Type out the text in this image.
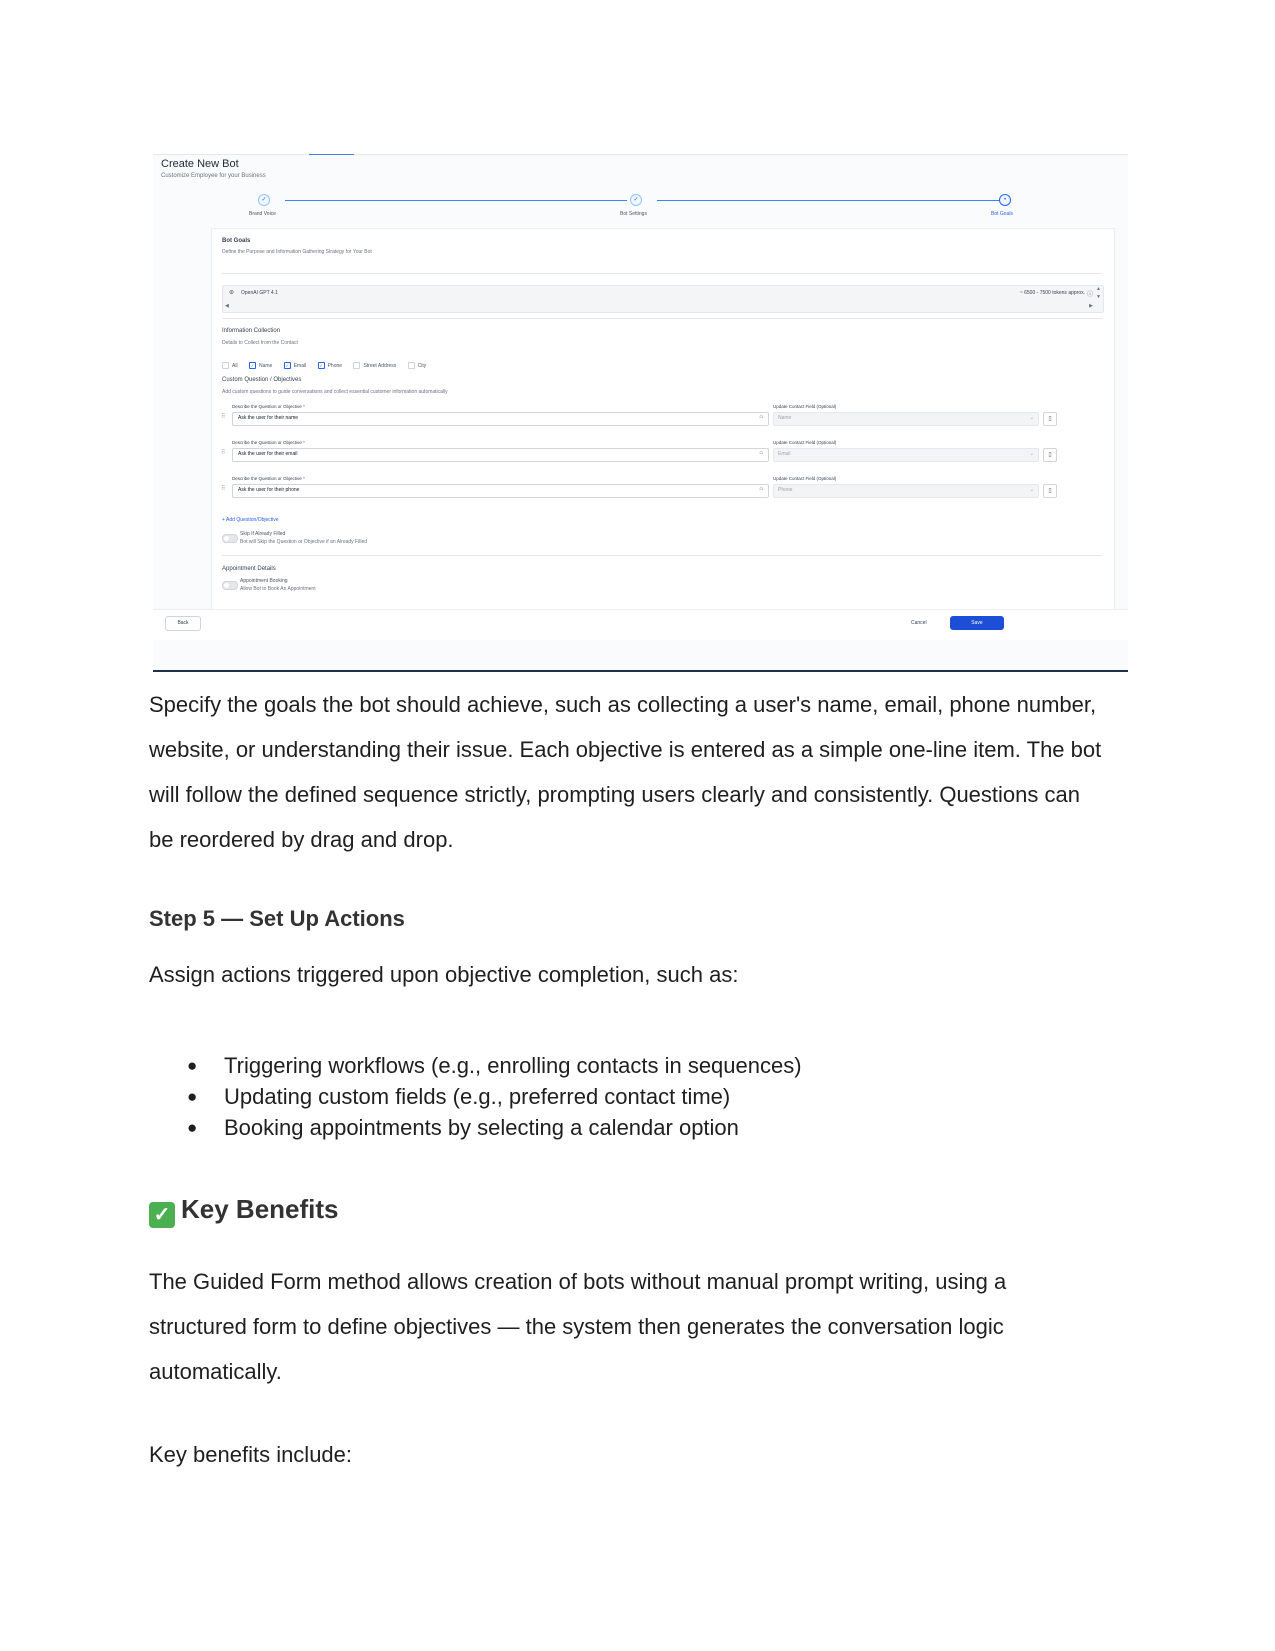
Create New Bot
Customize Employee for your Business
✓	✓	•
Brand Voice	Bot Settings	Bot Goals
Bot Goals
Define the Purpose and Information Gathering Strategy for Your Bot
⊛ OpenAI GPT 4.1	~ 6500 - 7500 tokens approx. ⓘ
▲
▼
◀	▶
Information Collection
Details to Collect from the Contact
All	✓ Name	✓ Email	✓ Phone	Street Address	City
Custom Question / Objectives
Add custom questions to guide conversations and collect essential customer information automatically
Describe the Question or Objective *	Update Contact Field (Optional)
⠿	Ask the user for their name	⌂	Name	⌄	▯
Describe the Question or Objective *	Update Contact Field (Optional)
⠿	Ask the user for their email	⌂	Email	⌄	▯
Describe the Question or Objective *	Update Contact Field (Optional)
⠿	Ask the user for their phone	⌂	Phone	⌄	▯
+ Add Question/Objective
Skip If Already Filled
Bot will Skip the Question or Objective if an Already Filled
Appointment Details
Appointment Booking
Allow Bot to Book An Appointment
Back	Cancel	Save
Specify the goals the bot should achieve, such as collecting a user's name, email, phone number, website, or understanding their issue. Each objective is entered as a simple one-line item. The bot will follow the defined sequence strictly, prompting users clearly and consistently. Questions can be reordered by drag and drop.
Step 5 — Set Up Actions
Assign actions triggered upon objective completion, such as:
● Triggering workflows (e.g., enrolling contacts in sequences)
● Updating custom fields (e.g., preferred contact time)
● Booking appointments by selecting a calendar option
✓ Key Benefits
The Guided Form method allows creation of bots without manual prompt writing, using a structured form to define objectives — the system then generates the conversation logic automatically.
Key benefits include:
